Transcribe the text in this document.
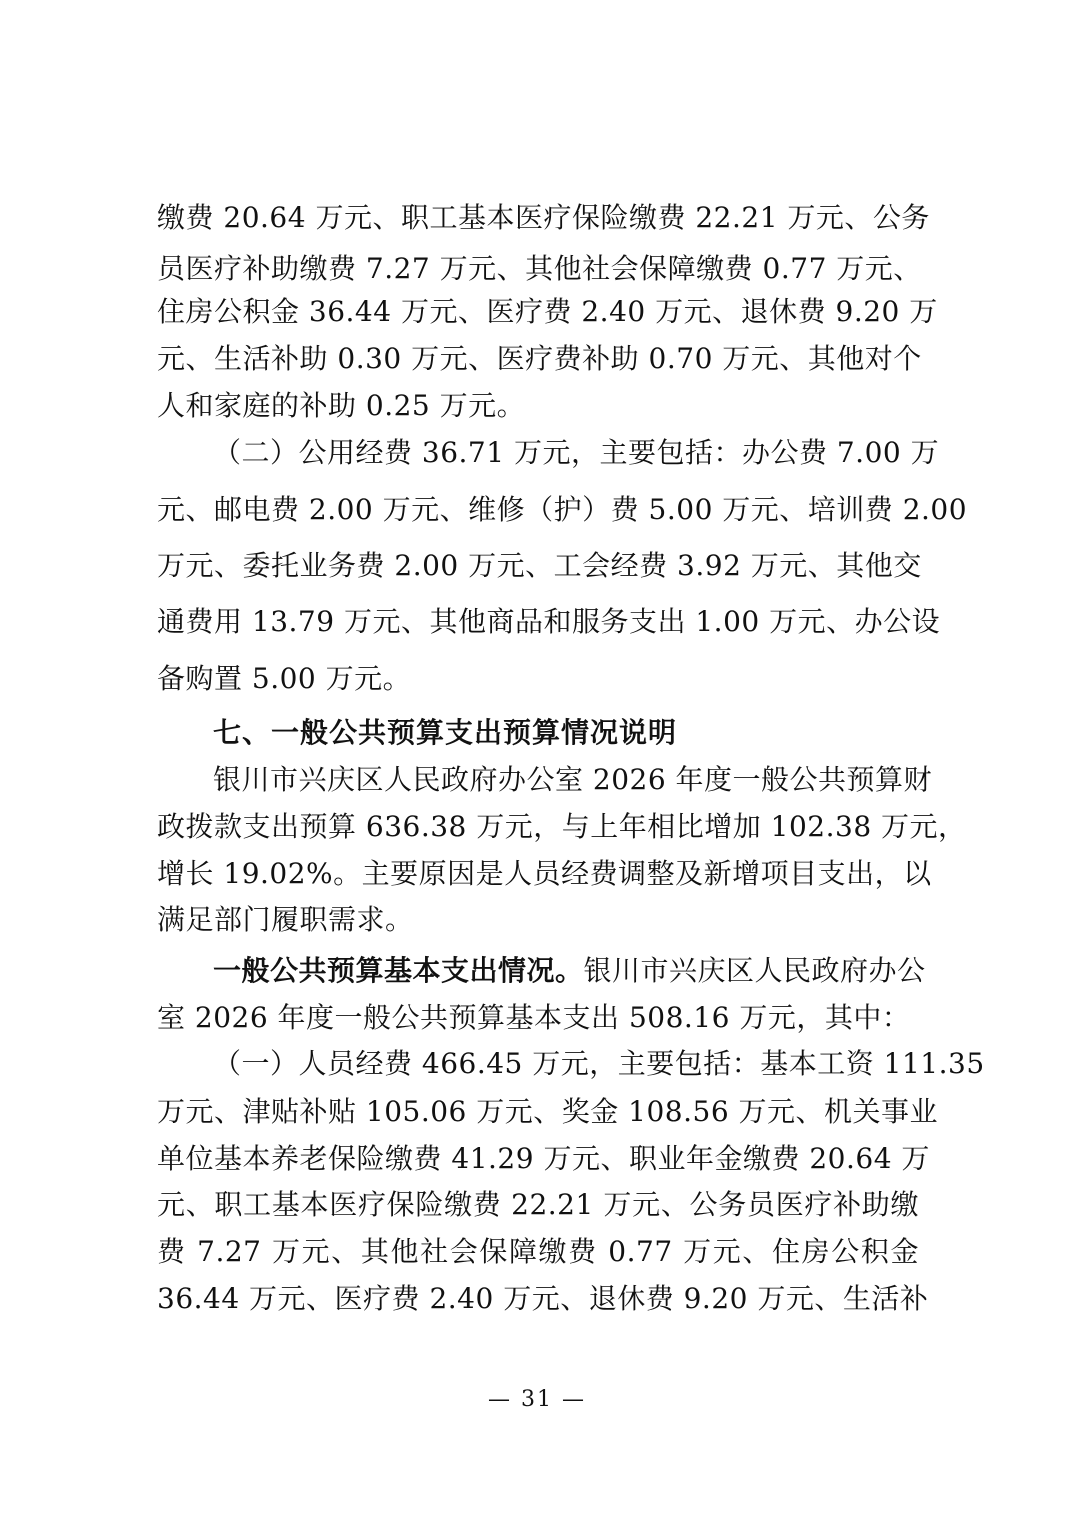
缴费 20.64 万元、职工基本医疗保险缴费 22.21 万元、公务
员医疗补助缴费 7.27 万元、其他社会保障缴费 0.77 万元、
住房公积金 36.44 万元、医疗费 2.40 万元、退休费 9.20 万
元、生活补助 0.30 万元、医疗费补助 0.70 万元、其他对个
人和家庭的补助 0.25 万元。
（二）公用经费 36.71 万元，主要包括：办公费 7.00 万
元、邮电费 2.00 万元、维修（护）费 5.00 万元、培训费 2.00
万元、委托业务费 2.00 万元、工会经费 3.92 万元、其他交
通费用 13.79 万元、其他商品和服务支出 1.00 万元、办公设
备购置 5.00 万元。
七、一般公共预算支出预算情况说明
银川市兴庆区人民政府办公室 2026 年度一般公共预算财
政拨款支出预算 636.38 万元，与上年相比增加 102.38 万元，
增长 19.02%。主要原因是人员经费调整及新增项目支出，以
满足部门履职需求。
一般公共预算基本支出情况。银川市兴庆区人民政府办公
室 2026 年度一般公共预算基本支出 508.16 万元，其中：
（一）人员经费 466.45 万元，主要包括：基本工资 111.35
万元、津贴补贴 105.06 万元、奖金 108.56 万元、机关事业
单位基本养老保险缴费 41.29 万元、职业年金缴费 20.64 万
元、职工基本医疗保险缴费 22.21 万元、公务员医疗补助缴
费 7.27 万元、其他社会保障缴费 0.77 万元、住房公积金
36.44 万元、医疗费 2.40 万元、退休费 9.20 万元、生活补
— 31 —
